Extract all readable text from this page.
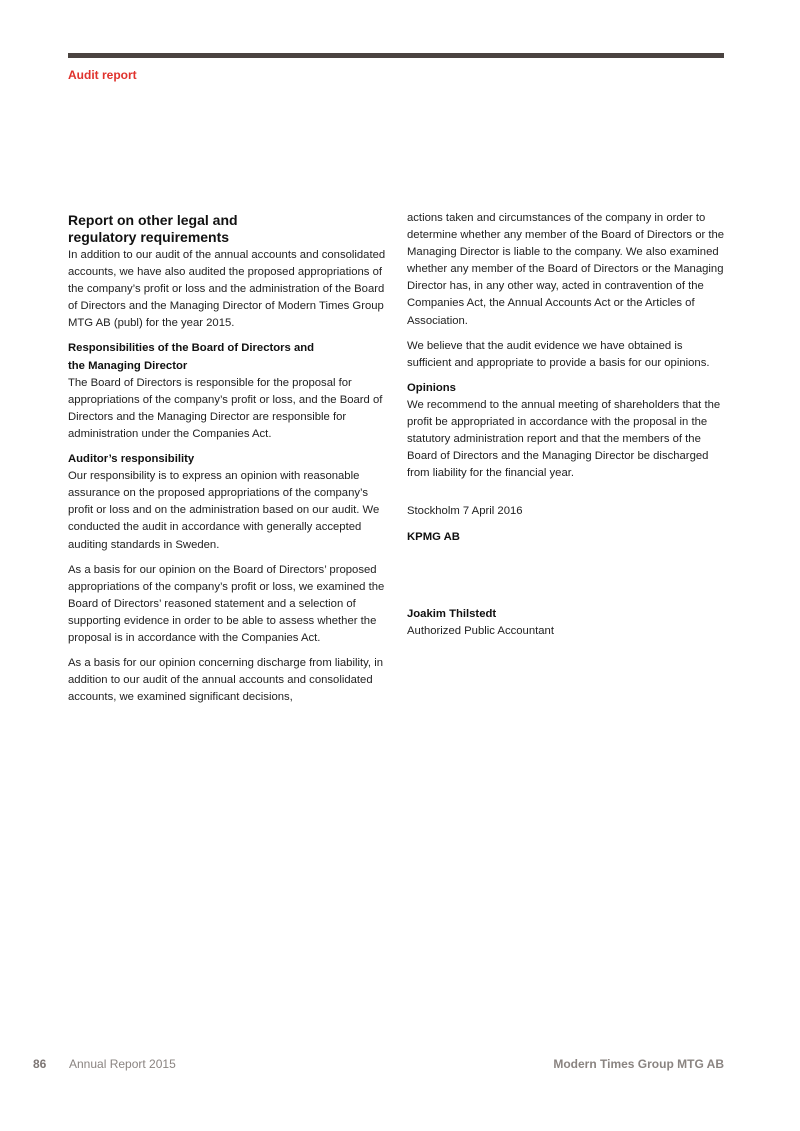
Audit report

Report on other legal and
regulatory requirements

In addition to our audit of the annual accounts and consolidated accounts, we have also audited the proposed appropriations of the company’s profit or loss and the administration of the Board of Directors and the Managing Director of Modern Times Group MTG AB (publ) for the year 2015.

Responsibilities of the Board of Directors and
the Managing Director

The Board of Directors is responsible for the proposal for appropriations of the company’s profit or loss, and the Board of Directors and the Managing Director are responsible for administration under the Companies Act.

Auditor’s responsibility

Our responsibility is to express an opinion with reasonable assurance on the proposed appropriations of the company’s profit or loss and on the administration based on our audit. We conducted the audit in accordance with generally accepted auditing standards in Sweden.

As a basis for our opinion on the Board of Directors’ proposed appropriations of the company’s profit or loss, we examined the Board of Directors’ reasoned statement and a selection of supporting evidence in order to be able to assess whether the proposal is in accordance with the Companies Act.

As a basis for our opinion concerning discharge from liability, in addition to our audit of the annual accounts and consolidated accounts, we examined significant decisions,

actions taken and circumstances of the company in order to determine whether any member of the Board of Directors or the Managing Director is liable to the company. We also examined whether any member of the Board of Directors or the Managing Director has, in any other way, acted in contravention of the Companies Act, the Annual Accounts Act or the Articles of Association.

We believe that the audit evidence we have obtained is sufficient and appropriate to provide a basis for our opinions.

Opinions

We recommend to the annual meeting of shareholders that the profit be appropriated in accordance with the proposal in the statutory administration report and that the members of the Board of Directors and the Managing Director be discharged from liability for the financial year.

Stockholm 7 April 2016

KPMG AB

Joakim Thilstedt
Authorized Public Accountant
86 Annual Report 2015	Modern Times Group MTG AB
